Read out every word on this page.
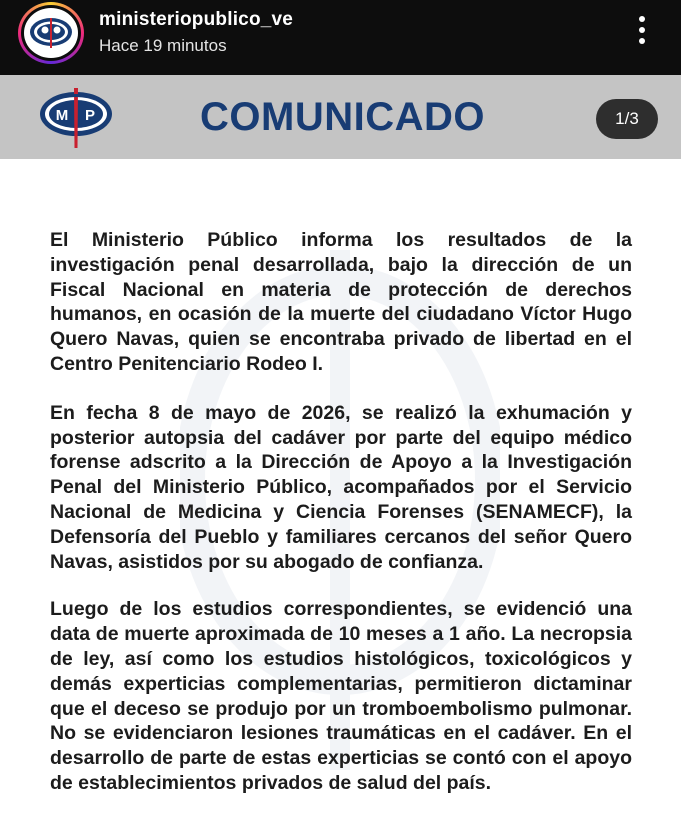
ministeriopublico_ve
Hace 19 minutos
M P	COMUNICADO	1/3

El Ministerio Público informa los resultados de la investigación penal desarrollada, bajo la dirección de un Fiscal Nacional en materia de protección de derechos humanos, en ocasión de la muerte del ciudadano Víctor Hugo Quero Navas, quien se encontraba privado de libertad en el Centro Penitenciario Rodeo I.

En fecha 8 de mayo de 2026, se realizó la exhumación y posterior autopsia del cadáver por parte del equipo médico forense adscrito a la Dirección de Apoyo a la Investigación Penal del Ministerio Público, acompañados por el Servicio Nacional de Medicina y Ciencia Forenses (SENAMECF), la Defensoría del Pueblo y familiares cercanos del señor Quero Navas, asistidos por su abogado de confianza.

Luego de los estudios correspondientes, se evidenció una data de muerte aproximada de 10 meses a 1 año. La necropsia de ley, así como los estudios histológicos, toxicológicos y demás experticias complementarias, permitieron dictaminar que el deceso se produjo por un tromboembolismo pulmonar. No se evidenciaron lesiones traumáticas en el cadáver. En el desarrollo de parte de estas experticias se contó con el apoyo de establecimientos privados de salud del país.
